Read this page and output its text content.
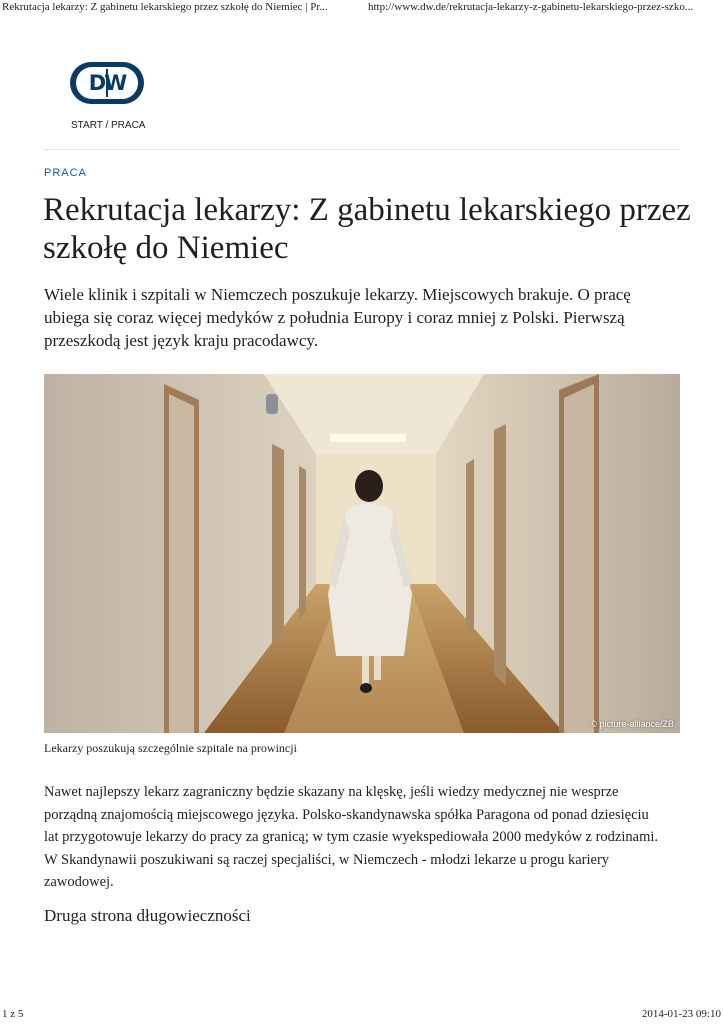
Rekrutacja lekarzy: Z gabinetu lekarskiego przez szkołę do Niemiec | Pr...	http://www.dw.de/rekrutacja-lekarzy-z-gabinetu-lekarskiego-przez-szko...
DW
START / PRACA
PRACA
Rekrutacja lekarzy: Z gabinetu lekarskiego przez szkołę do Niemiec

Wiele klinik i szpitali w Niemczech poszukuje lekarzy. Miejscowych brakuje. O pracę ubiega się coraz więcej medyków z południa Europy i coraz mniej z Polski. Pierwszą przeszkodą jest język kraju pracodawcy.

© picture-alliance/ZB
Lekarzy poszukują szczególnie szpitale na prowincji

Nawet najlepszy lekarz zagraniczny będzie skazany na klęskę, jeśli wiedzy medycznej nie wesprze porządną znajomością miejscowego języka. Polsko-skandynawska spółka Paragona od ponad dziesięciu lat przygotowuje lekarzy do pracy za granicą; w tym czasie wyekspediowała 2000 medyków z rodzinami. W Skandynawii poszukiwani są raczej specjaliści, w Niemczech - młodzi lekarze u progu kariery zawodowej.

Druga strona długowieczności
1 z 5	2014-01-23 09:10
